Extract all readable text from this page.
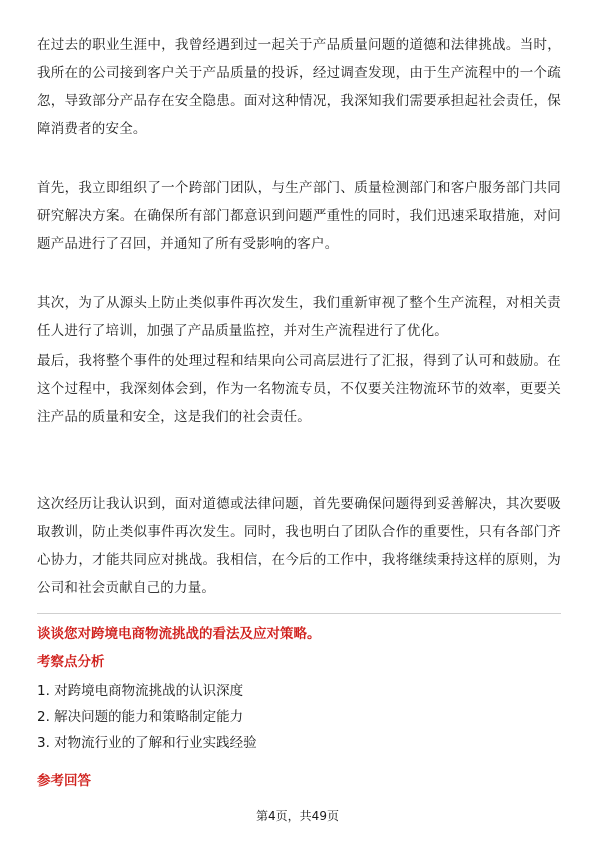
在过去的职业生涯中，我曾经遇到过一起关于产品质量问题的道德和法律挑战。当时，我所在的公司接到客户关于产品质量的投诉，经过调查发现，由于生产流程中的一个疏忽，导致部分产品存在安全隐患。面对这种情况，我深知我们需要承担起社会责任，保障消费者的安全。

首先，我立即组织了一个跨部门团队，与生产部门、质量检测部门和客户服务部门共同研究解决方案。在确保所有部门都意识到问题严重性的同时，我们迅速采取措施，对问题产品进行了召回，并通知了所有受影响的客户。

其次，为了从源头上防止类似事件再次发生，我们重新审视了整个生产流程，对相关责任人进行了培训，加强了产品质量监控，并对生产流程进行了优化。

最后，我将整个事件的处理过程和结果向公司高层进行了汇报，得到了认可和鼓励。在这个过程中，我深刻体会到，作为一名物流专员，不仅要关注物流环节的效率，更要关注产品的质量和安全，这是我们的社会责任。

这次经历让我认识到，面对道德或法律问题，首先要确保问题得到妥善解决，其次要吸取教训，防止类似事件再次发生。同时，我也明白了团队合作的重要性，只有各部门齐心协力，才能共同应对挑战。我相信，在今后的工作中，我将继续秉持这样的原则，为公司和社会贡献自己的力量。

谈谈您对跨境电商物流挑战的看法及应对策略。

考察点分析

1. 对跨境电商物流挑战的认识深度
2. 解决问题的能力和策略制定能力
3. 对物流行业的了解和行业实践经验

参考回答

第4页，共49页
